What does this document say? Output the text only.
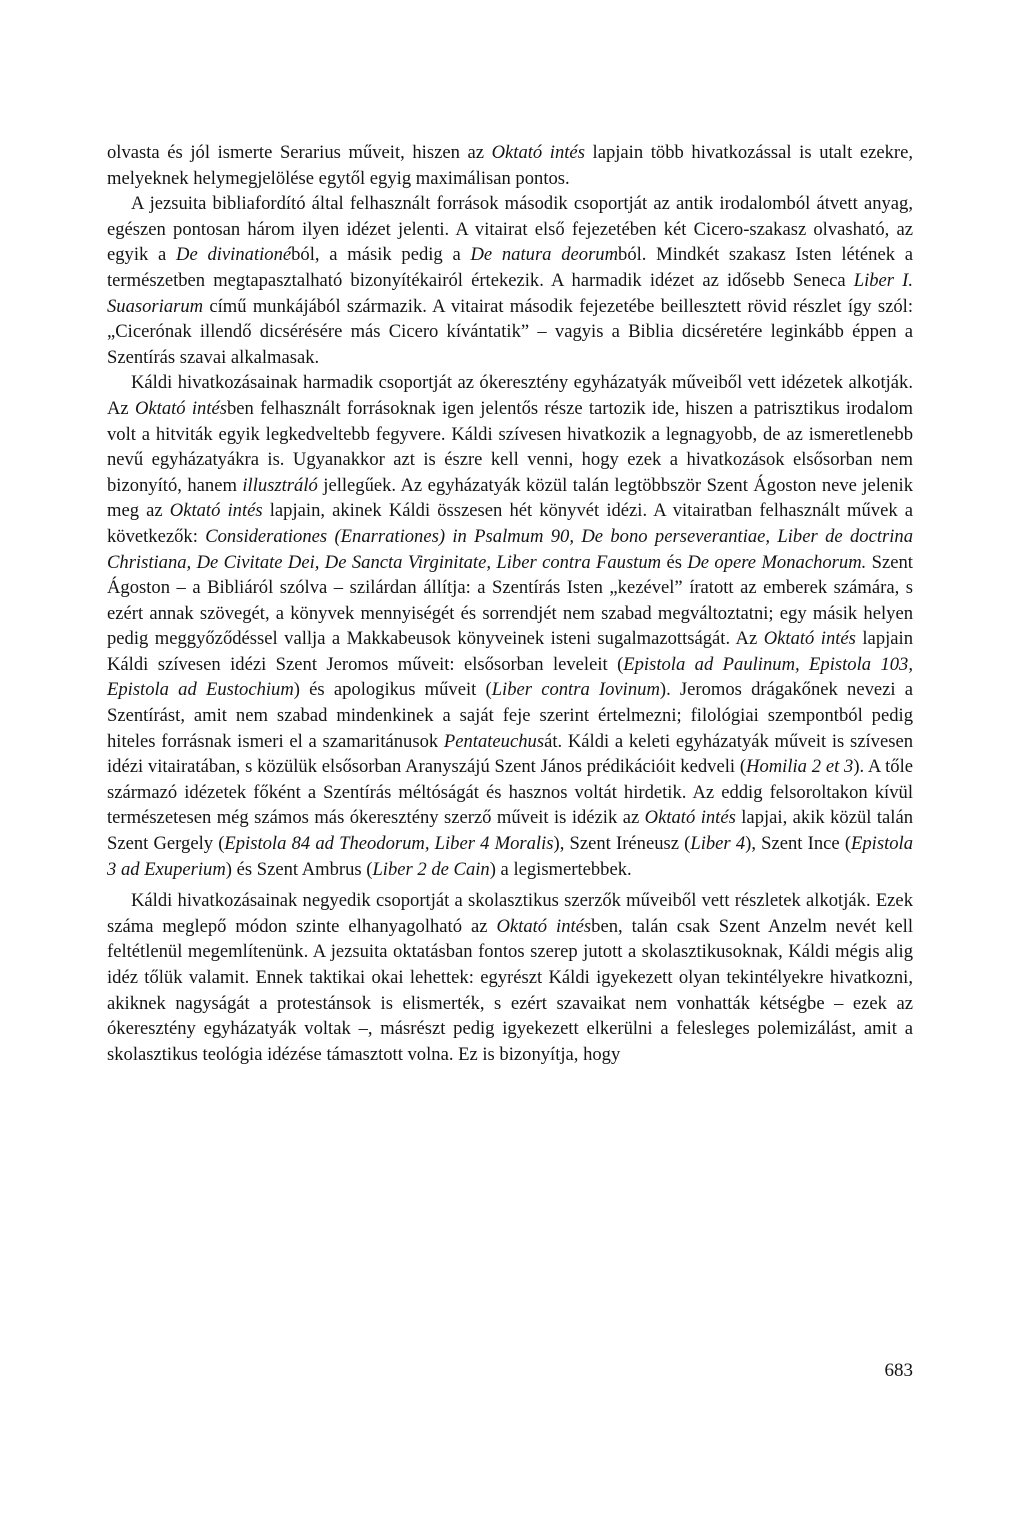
olvasta és jól ismerte Serarius műveit, hiszen az Oktató intés lapjain több hivatkozással is utalt ezekre, melyeknek helymegjelölése egytől egyig maximálisan pontos.

A jezsuita bibliafordító által felhasznált források második csoportját az antik irodalomból átvett anyag, egészen pontosan három ilyen idézet jelenti. A vitairat első fejezetében két Cicero-szakasz olvasható, az egyik a De divinationéból, a másik pedig a De natura deorumból. Mindkét szakasz Isten létének a természetben megtapasztalható bizonyítékairól értekezik. A harmadik idézet az idősebb Seneca Liber I. Suasoriarum című munkájából származik. A vitairat második fejezetébe beillesztett rövid részlet így szól: „Cicerónak illendő dicsérésére más Cicero kívántatik” – vagyis a Biblia dicséretére leginkább éppen a Szentírás szavai alkalmasak.

Káldi hivatkozásainak harmadik csoportját az ókeresztény egyházatyák műveiből vett idézetek alkotják. Az Oktató intésben felhasznált forrásoknak igen jelentős része tartozik ide, hiszen a patrisztikus irodalom volt a hitviták egyik legkedveltebb fegyvere. Káldi szívesen hivatkozik a legnagyobb, de az ismeretlenebb nevű egyházatyákra is. Ugyanakkor azt is észre kell venni, hogy ezek a hivatkozások elsősorban nem bizonyító, hanem illusztráló jellegűek. Az egyházatyák közül talán legtöbbször Szent Ágoston neve jelenik meg az Oktató intés lapjain, akinek Káldi összesen hét könyvét idézi. A vitairatban felhasznált művek a következők: Considerationes (Enarrationes) in Psalmum 90, De bono perseverantiae, Liber de doctrina Christiana, De Civitate Dei, De Sancta Virginitate, Liber contra Faustum és De opere Monachorum. Szent Ágoston – a Bibliáról szólva – szilárdan állítja: a Szentírás Isten „kezével” íratott az emberek számára, s ezért annak szövegét, a könyvek mennyiségét és sorrendjét nem szabad megváltoztatni; egy másik helyen pedig meggyőződéssel vallja a Makkabeusok könyveinek isteni sugalmazottságát. Az Oktató intés lapjain Káldi szívesen idézi Szent Jeromos műveit: elsősorban leveleit (Epistola ad Paulinum, Epistola 103, Epistola ad Eustochium) és apologikus műveit (Liber contra Iovinum). Jeromos drágakőnek nevezi a Szentírást, amit nem szabad mindenkinek a saját feje szerint értelmezni; filológiai szempontból pedig hiteles forrásnak ismeri el a szamaritánusok Pentateuchusát. Káldi a keleti egyházatyák műveit is szívesen idézi vitairatában, s közülük elsősorban Aranyszájú Szent János prédikációit kedveli (Homilia 2 et 3). A tőle származó idézetek főként a Szentírás méltóságát és hasznos voltát hirdetik. Az eddig felsoroltakon kívül természetesen még számos más ókeresztény szerző műveit is idézik az Oktató intés lapjai, akik közül talán Szent Gergely (Epistola 84 ad Theodorum, Liber 4 Moralis), Szent Iréneusz (Liber 4), Szent Ince (Epistola 3 ad Exuperium) és Szent Ambrus (Liber 2 de Cain) a legismertebbek.

Káldi hivatkozásainak negyedik csoportját a skolasztikus szerzők műveiből vett részletek alkotják. Ezek száma meglepő módon szinte elhanyagolható az Oktató intésben, talán csak Szent Anzelm nevét kell feltétlenül megemlítenünk. A jezsuita oktatásban fontos szerep jutott a skolasztikusoknak, Káldi mégis alig idéz tőlük valamit. Ennek taktikai okai lehettek: egyrészt Káldi igyekezett olyan tekintélyekre hivatkozni, akiknek nagyságát a protestánsok is elismerték, s ezért szavaikat nem vonhatták kétségbe – ezek az ókeresztény egyházatyák voltak –, másrészt pedig igyekezett elkerülni a felesleges polemizálást, amit a skolasztikus teológia idézése támasztott volna. Ez is bizonyítja, hogy

683
